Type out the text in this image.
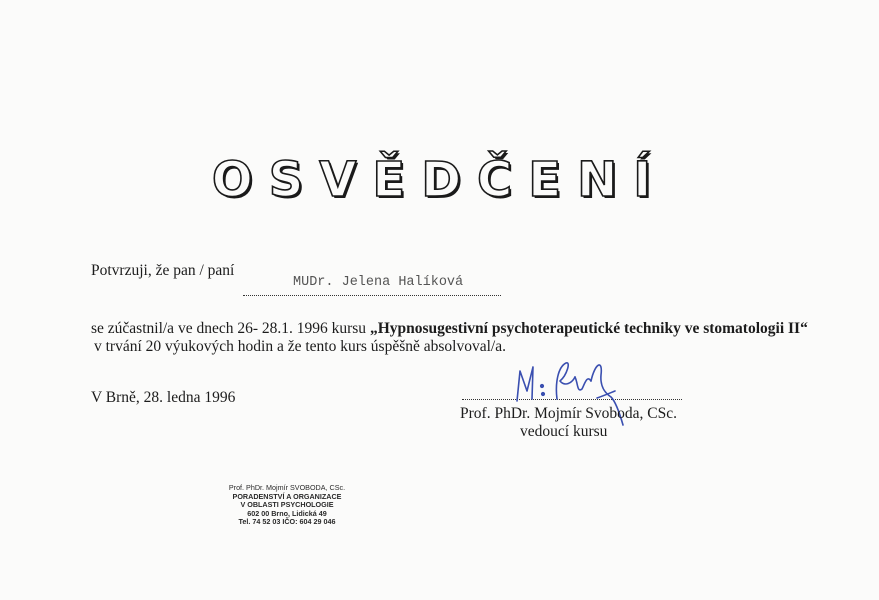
OSVĚDČENÍ
Potvrzuji, že pan / paní
MUDr. Jelena Halíková
se zúčastnil/a ve dnech 26- 28.1. 1996 kursu „Hypnosugestivní psychoterapeutické techniky ve stomatologii II“
v trvání 20 výukových hodin a že tento kurs úspěšně absolvoval/a.
V Brně, 28. ledna 1996
Prof. PhDr. Mojmír Svoboda, CSc.
vedoucí kursu
Prof. PhDr. Mojmír SVOBODA, CSc.
PORADENSTVÍ A ORGANIZACE
V OBLASTI PSYCHOLOGIE
602 00 Brno, Lidická 49
Tel. 74 52 03 IČO: 604 29 046
